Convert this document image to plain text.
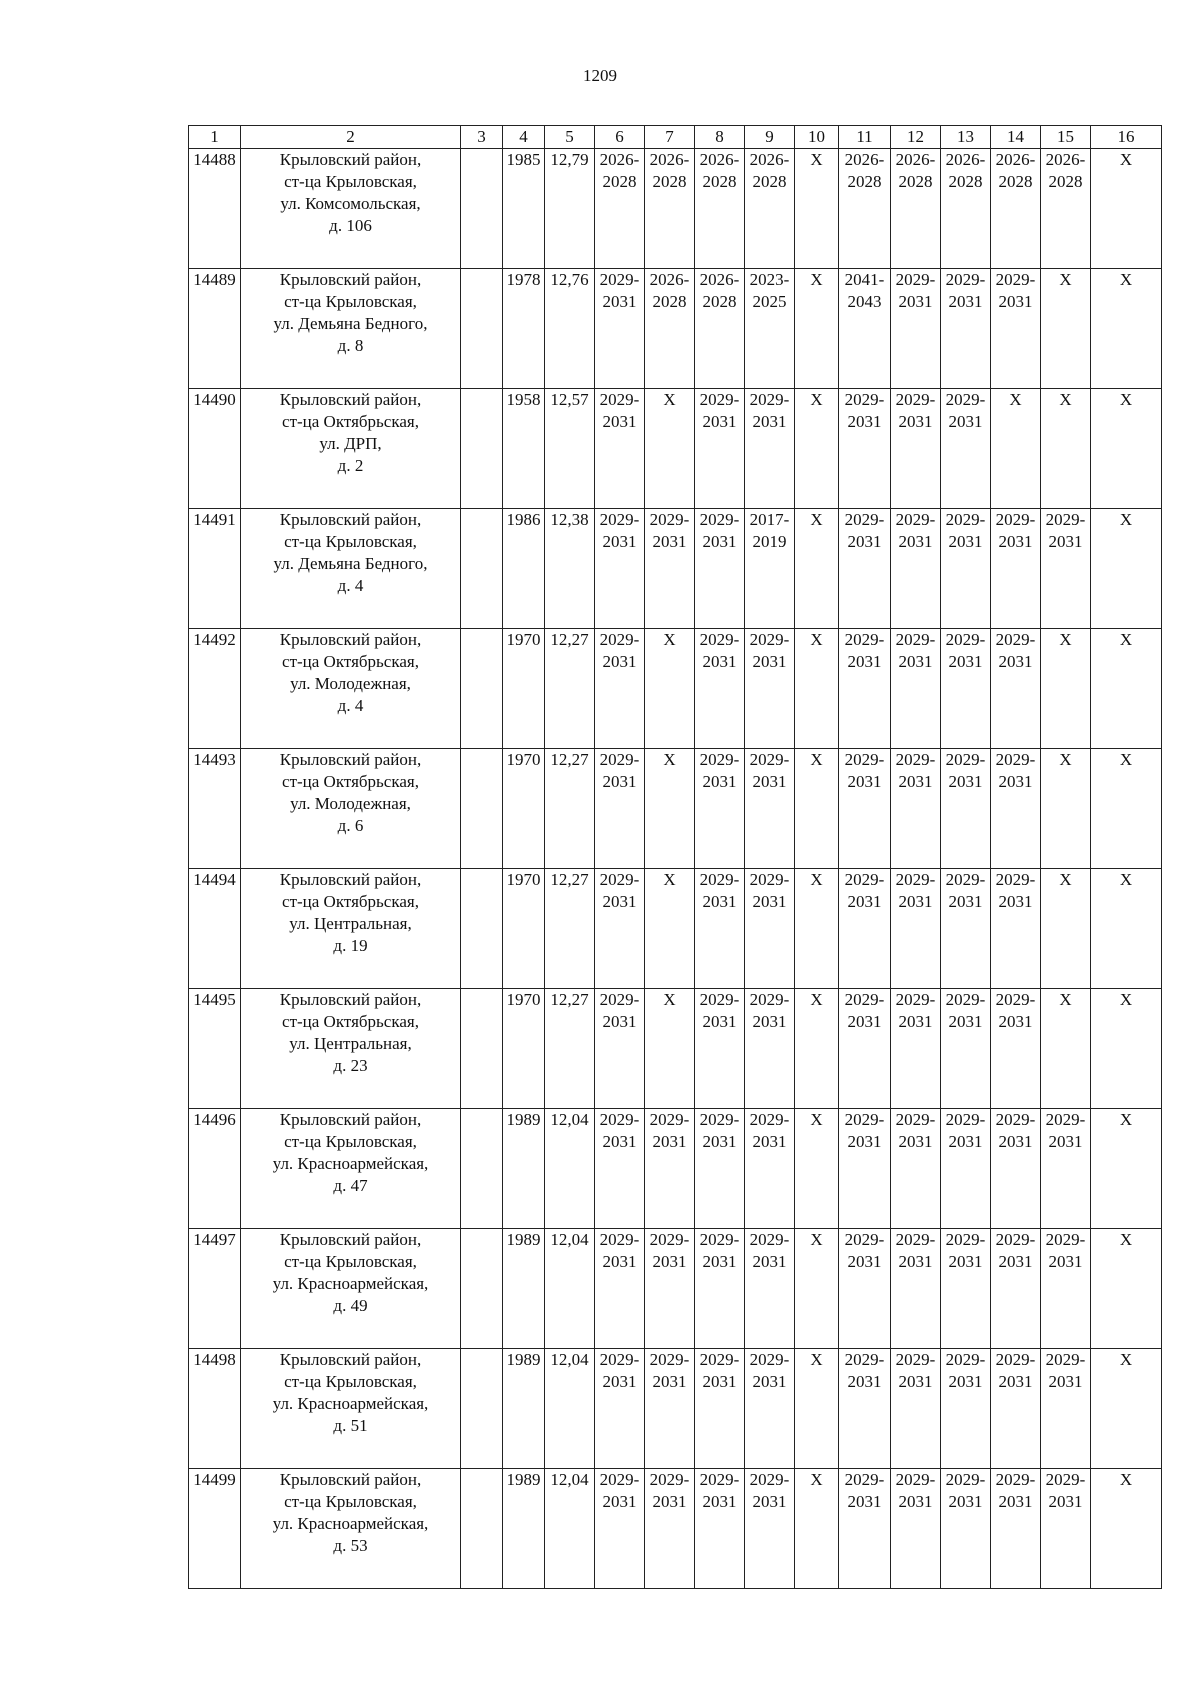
1209
1	2	3	4	5	6	7	8	9	10	11	12	13	14	15	16
14488	Крыловский район,
ст-ца Крыловская,
ул. Комсомольская,
д. 106		1985	12,79	2026-
2028	2026-
2028	2026-
2028	2026-
2028	X	2026-
2028	2026-
2028	2026-
2028	2026-
2028	2026-
2028	X

14489	Крыловский район,
ст-ца Крыловская,
ул. Демьяна Бедного,
д. 8		1978	12,76	2029-
2031	2026-
2028	2026-
2028	2023-
2025	X	2041-
2043	2029-
2031	2029-
2031	2029-
2031	X	X

14490	Крыловский район,
ст-ца Октябрьская,
ул. ДРП,
д. 2		1958	12,57	2029-
2031	X	2029-
2031	2029-
2031	X	2029-
2031	2029-
2031	2029-
2031	X	X	X

14491	Крыловский район,
ст-ца Крыловская,
ул. Демьяна Бедного,
д. 4		1986	12,38	2029-
2031	2029-
2031	2029-
2031	2017-
2019	X	2029-
2031	2029-
2031	2029-
2031	2029-
2031	2029-
2031	X

14492	Крыловский район,
ст-ца Октябрьская,
ул. Молодежная,
д. 4		1970	12,27	2029-
2031	X	2029-
2031	2029-
2031	X	2029-
2031	2029-
2031	2029-
2031	2029-
2031	X	X

14493	Крыловский район,
ст-ца Октябрьская,
ул. Молодежная,
д. 6		1970	12,27	2029-
2031	X	2029-
2031	2029-
2031	X	2029-
2031	2029-
2031	2029-
2031	2029-
2031	X	X

14494	Крыловский район,
ст-ца Октябрьская,
ул. Центральная,
д. 19		1970	12,27	2029-
2031	X	2029-
2031	2029-
2031	X	2029-
2031	2029-
2031	2029-
2031	2029-
2031	X	X

14495	Крыловский район,
ст-ца Октябрьская,
ул. Центральная,
д. 23		1970	12,27	2029-
2031	X	2029-
2031	2029-
2031	X	2029-
2031	2029-
2031	2029-
2031	2029-
2031	X	X

14496	Крыловский район,
ст-ца Крыловская,
ул. Красноармейская,
д. 47		1989	12,04	2029-
2031	2029-
2031	2029-
2031	2029-
2031	X	2029-
2031	2029-
2031	2029-
2031	2029-
2031	2029-
2031	X

14497	Крыловский район,
ст-ца Крыловская,
ул. Красноармейская,
д. 49		1989	12,04	2029-
2031	2029-
2031	2029-
2031	2029-
2031	X	2029-
2031	2029-
2031	2029-
2031	2029-
2031	2029-
2031	X

14498	Крыловский район,
ст-ца Крыловская,
ул. Красноармейская,
д. 51		1989	12,04	2029-
2031	2029-
2031	2029-
2031	2029-
2031	X	2029-
2031	2029-
2031	2029-
2031	2029-
2031	2029-
2031	X

14499	Крыловский район,
ст-ца Крыловская,
ул. Красноармейская,
д. 53		1989	12,04	2029-
2031	2029-
2031	2029-
2031	2029-
2031	X	2029-
2031	2029-
2031	2029-
2031	2029-
2031	2029-
2031	X
